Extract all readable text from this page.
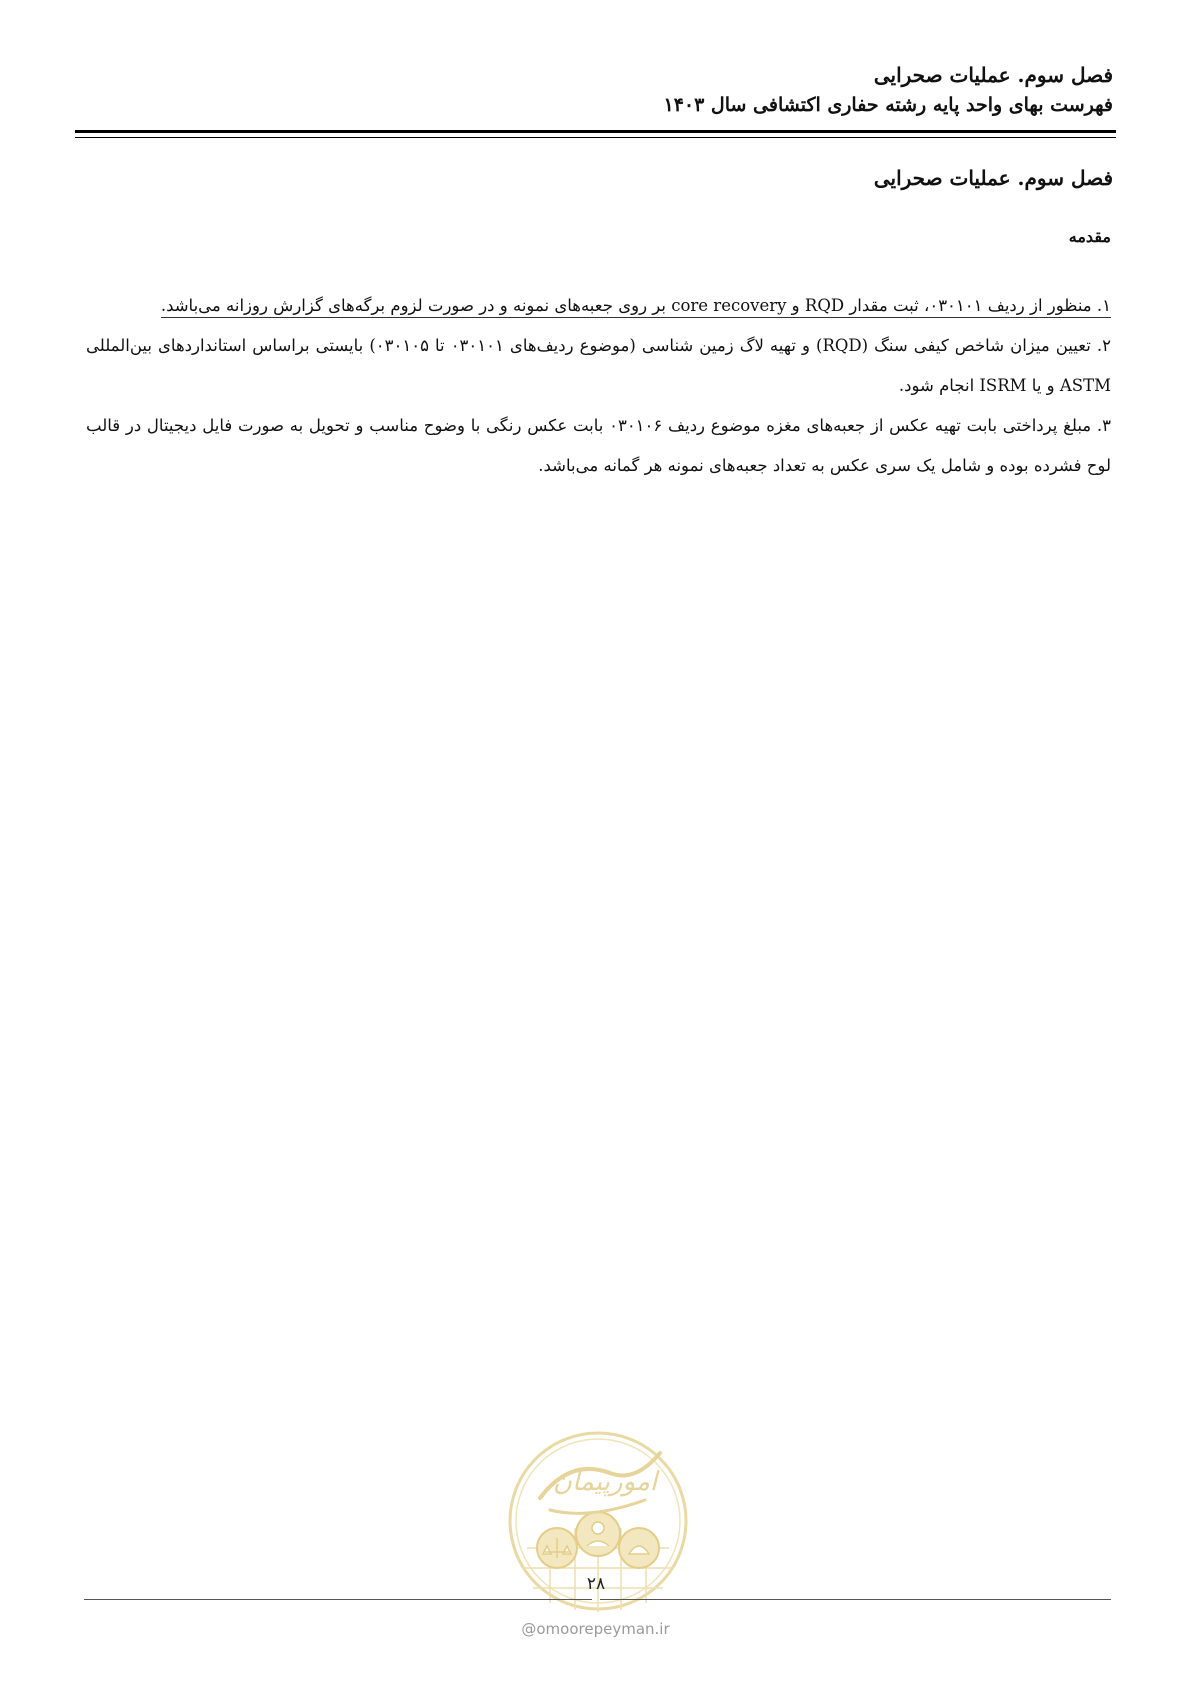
فصل سوم. عملیات صحرایی
فهرست بهای واحد پایه رشته حفاری اکتشافی سال ۱۴۰۳
فصل سوم. عملیات صحرایی
مقدمه

۱. منظور از ردیف ۰۳۰۱۰۱، ثبت مقدار RQD و core recovery بر روی جعبه‌های نمونه و در صورت لزوم برگه‌های گزارش روزانه می‌باشد.

۲. تعیین میزان شاخص کیفی سنگ (RQD) و تهیه لاگ زمین شناسی (موضوع ردیف‌های ۰۳۰۱۰۱ تا ۰۳۰۱۰۵) بایستی براساس استانداردهای بین‌المللی ASTM و یا ISRM انجام شود.

۳. مبلغ پرداختی بابت تهیه عکس از جعبه‌های مغزه موضوع ردیف ۰۳۰۱۰۶ بابت عکس رنگی با وضوح مناسب و تحویل به صورت فایل دیجیتال در قالب لوح فشرده بوده و شامل یک سری عکس به تعداد جعبه‌های نمونه هر گمانه می‌باشد.

امورپیمان
۲۸
@omoorepeyman.ir
